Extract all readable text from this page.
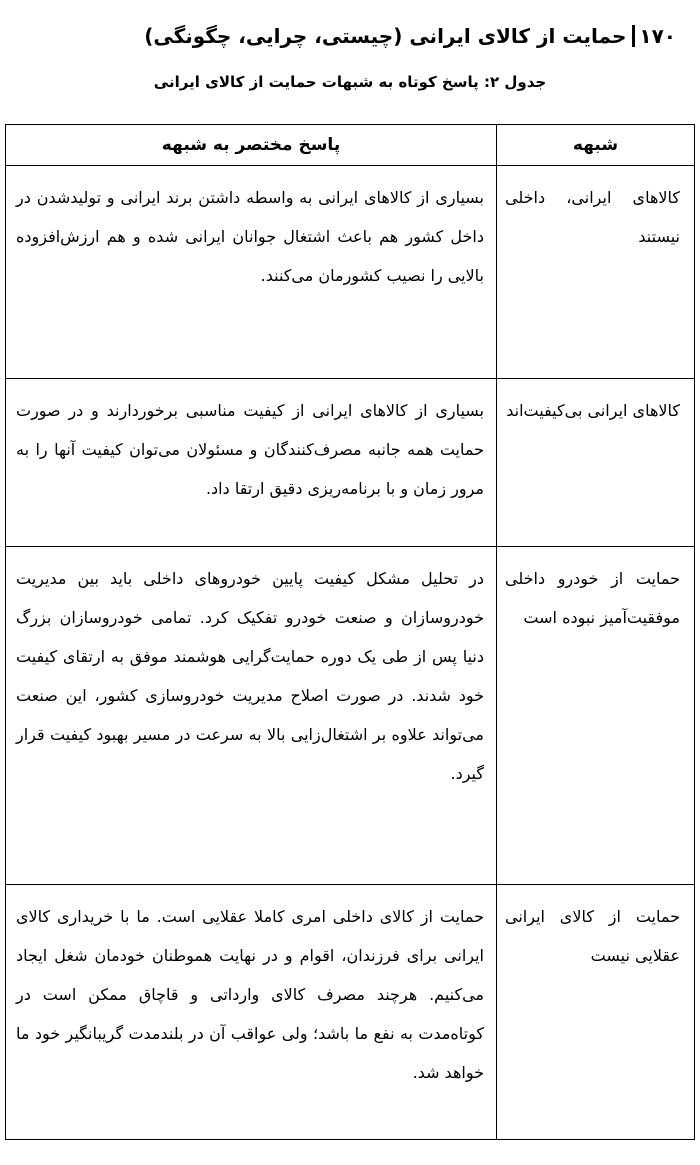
۱۷۰حمایت از کالای ایرانی (چیستی، چرایی، چگونگی)
جدول ۲: پاسخ کوتاه به شبهات حمایت از کالای ایرانی
شبهه	پاسخ مختصر به شبهه
کالاهای ایرانی، داخلی نیستند	بسیاری از کالاهای ایرانی به واسطه داشتن برند ایرانی و تولیدشدن در داخل کشور هم باعث اشتغال جوانان ایرانی شده و هم ارزش‌افزوده بالایی را نصیب کشورمان می‌کنند.
کالاهای ایرانی بی‌کیفیت‌اند	بسیاری از کالاهای ایرانی از کیفیت مناسبی برخوردارند و در صورت حمایت همه جانبه مصرف‌کنندگان و مسئولان می‌توان کیفیت آنها را به مرور زمان و با برنامه‌ریزی دقیق ارتقا داد.
حمایت از خودرو داخلی موفقیت‌آمیز نبوده است	در تحلیل مشکل کیفیت پایین خودروهای داخلی باید بین مدیریت خودروسازان و صنعت خودرو تفکیک کرد. تمامی خودروسازان بزرگ دنیا پس از طی یک دوره حمایت‌گرایی هوشمند موفق به ارتقای کیفیت خود شدند. در صورت اصلاح مدیریت خودروسازی کشور، این صنعت می‌تواند علاوه بر اشتغال‌زایی بالا به سرعت در مسیر بهبود کیفیت قرار گیرد.
حمایت از کالای ایرانی عقلایی نیست	حمایت از کالای داخلی امری کاملا عقلایی است. ما با خریداری کالای ایرانی برای فرزندان، اقوام و در نهایت هموطنان خودمان شغل ایجاد می‌کنیم. هرچند مصرف کالای وارداتی و قاچاق ممکن است در کوتاه‌مدت به نفع ما باشد؛ ولی عواقب آن در بلندمدت گریبانگیر خود ما خواهد شد.
